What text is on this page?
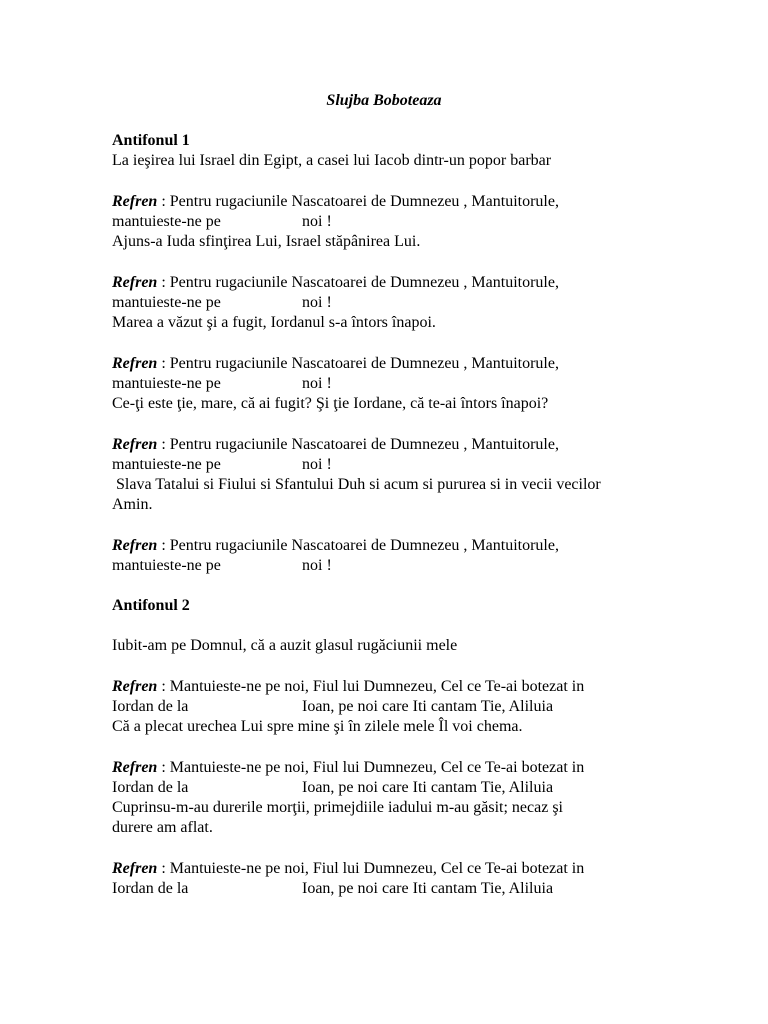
Slujba Boboteaza
Antifonul 1
La ieşirea lui Israel din Egipt, a casei lui Iacob dintr-un popor barbar
Refren : Pentru rugaciunile Nascatoarei de Dumnezeu , Mantuitorule,
mantuieste-ne pe	noi !
Ajuns-a Iuda sfinţirea Lui, Israel stăpânirea Lui.
Refren : Pentru rugaciunile Nascatoarei de Dumnezeu , Mantuitorule,
mantuieste-ne pe	noi !
Marea a văzut şi a fugit, Iordanul s-a întors înapoi.
Refren : Pentru rugaciunile Nascatoarei de Dumnezeu , Mantuitorule,
mantuieste-ne pe	noi !
Ce-ţi este ţie, mare, că ai fugit? Şi ţie Iordane, că te-ai întors înapoi?
Refren : Pentru rugaciunile Nascatoarei de Dumnezeu , Mantuitorule,
mantuieste-ne pe	noi !
Slava Tatalui si Fiului si Sfantului Duh si acum si pururea si in vecii vecilor
Amin.
Refren : Pentru rugaciunile Nascatoarei de Dumnezeu , Mantuitorule,
mantuieste-ne pe	noi !
Antifonul 2
Iubit-am pe Domnul, că a auzit glasul rugăciunii mele
Refren : Mantuieste-ne pe noi, Fiul lui Dumnezeu, Cel ce Te-ai botezat in
Iordan de la	Ioan, pe noi care Iti cantam Tie, Aliluia
Că a plecat urechea Lui spre mine şi în zilele mele Îl voi chema.
Refren : Mantuieste-ne pe noi, Fiul lui Dumnezeu, Cel ce Te-ai botezat in
Iordan de la	Ioan, pe noi care Iti cantam Tie, Aliluia
Cuprinsu-m-au durerile morţii, primejdiile iadului m-au găsit; necaz şi
durere am aflat.
Refren : Mantuieste-ne pe noi, Fiul lui Dumnezeu, Cel ce Te-ai botezat in
Iordan de la	Ioan, pe noi care Iti cantam Tie, Aliluia
